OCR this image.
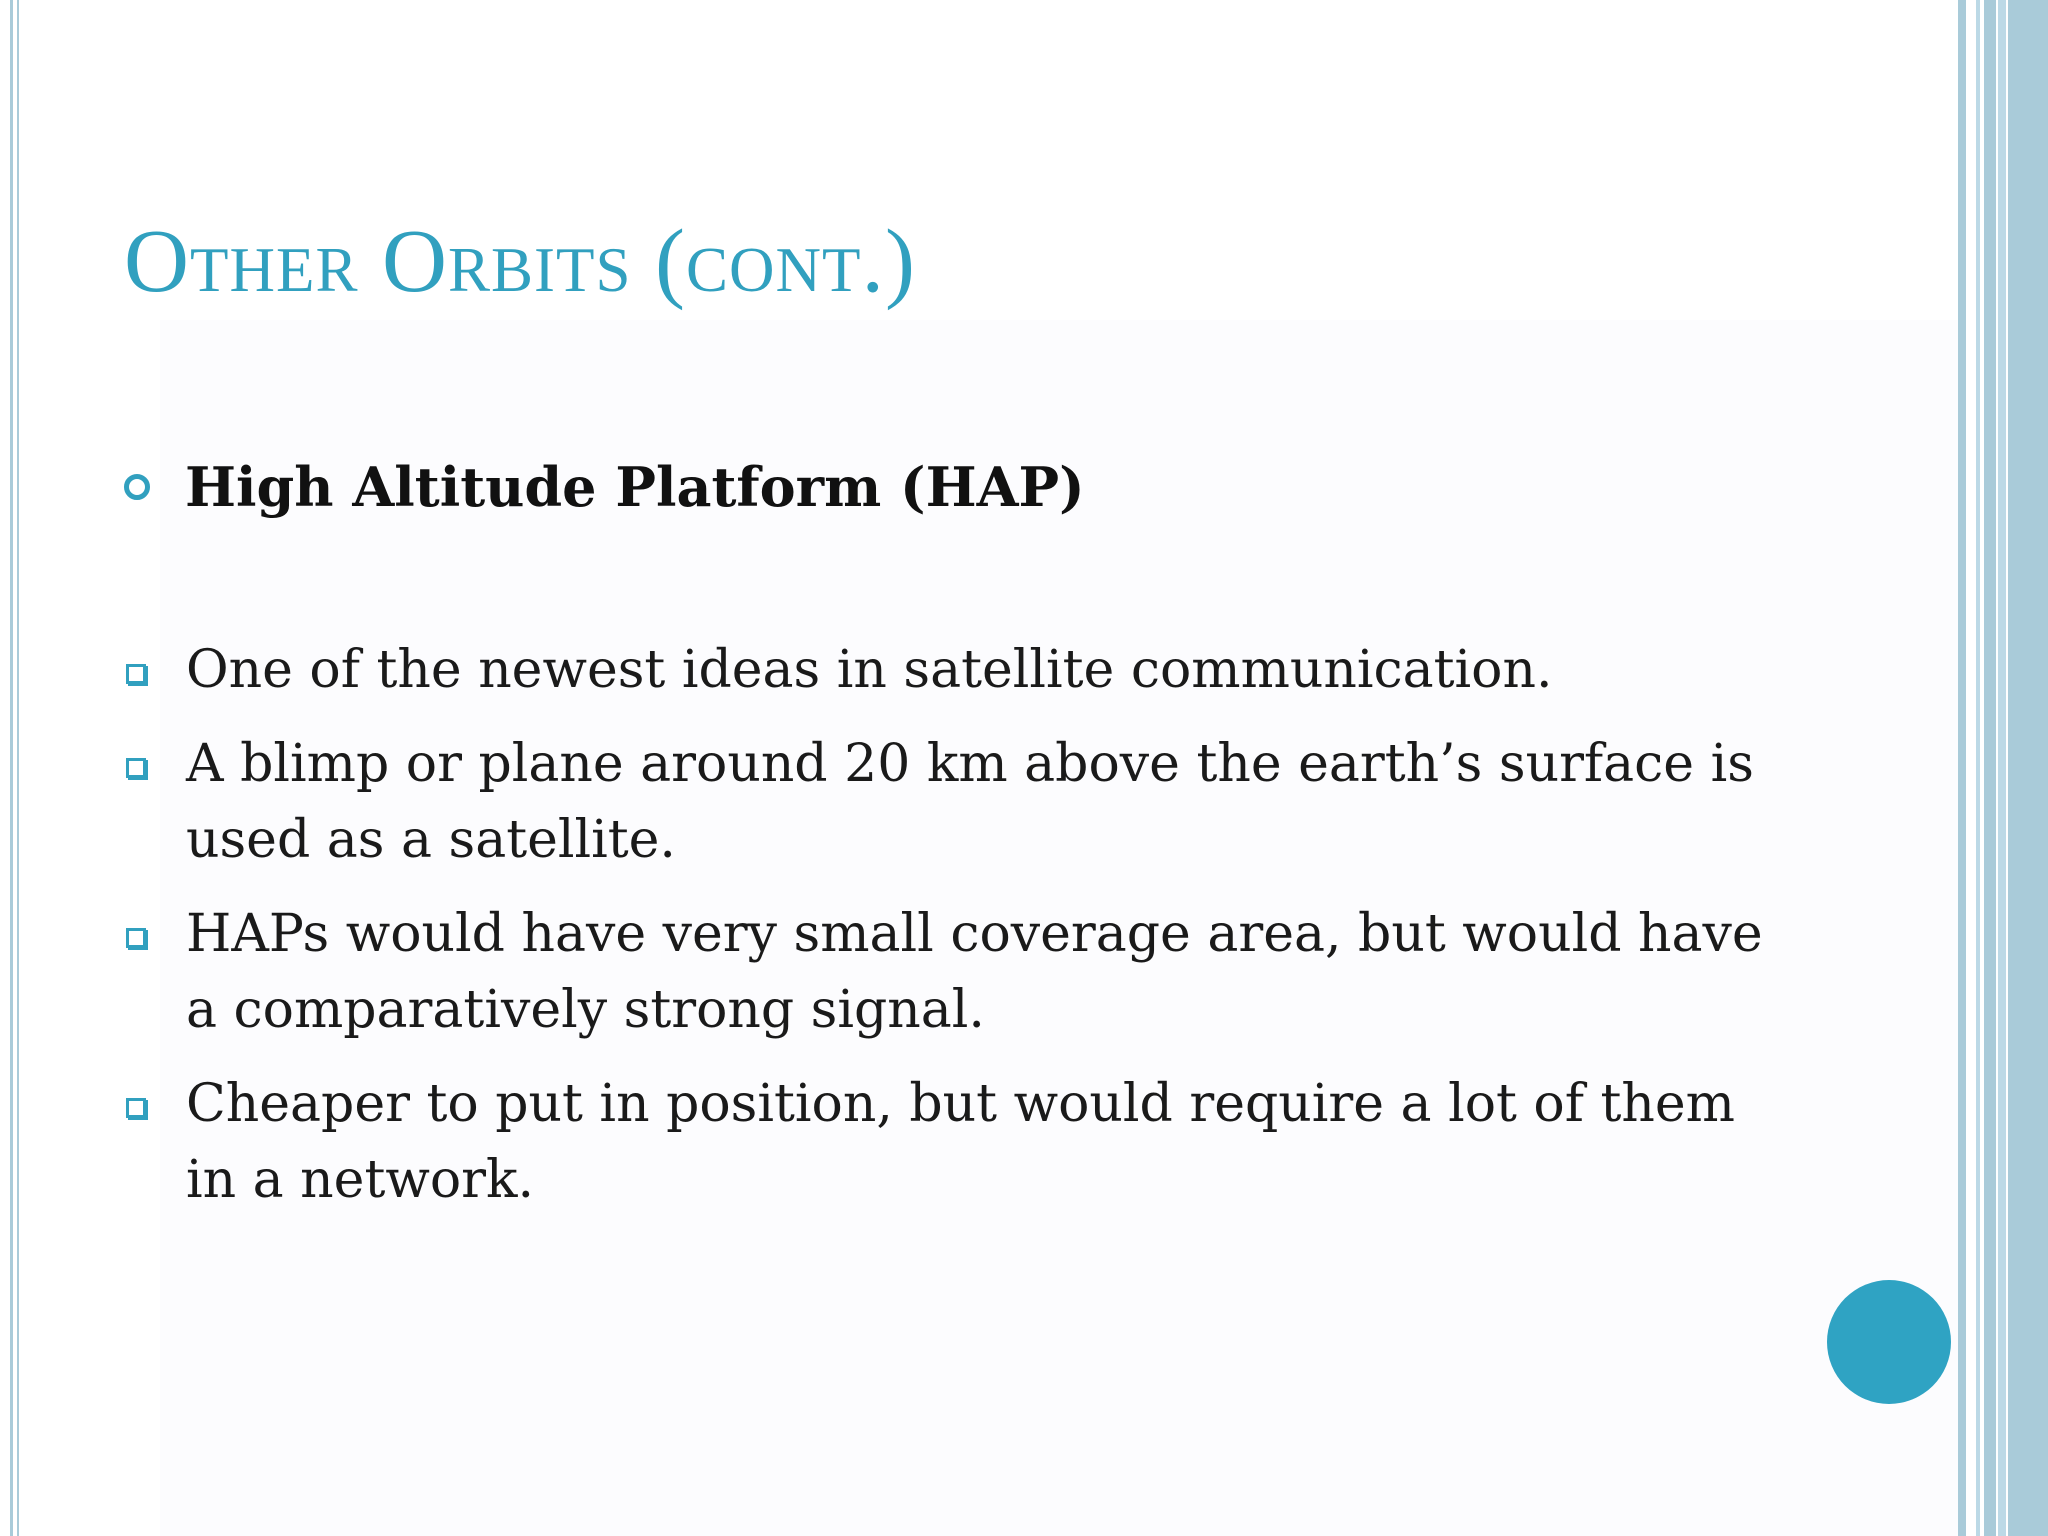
Other Orbits (cont.)
High Altitude Platform (HAP)
One of the newest ideas in satellite communication.
A blimp or plane around 20 km above the earth’s surface is used as a satellite.
HAPs would have very small coverage area, but would have a comparatively strong signal.
Cheaper to put in position, but would require a lot of them in a network.
